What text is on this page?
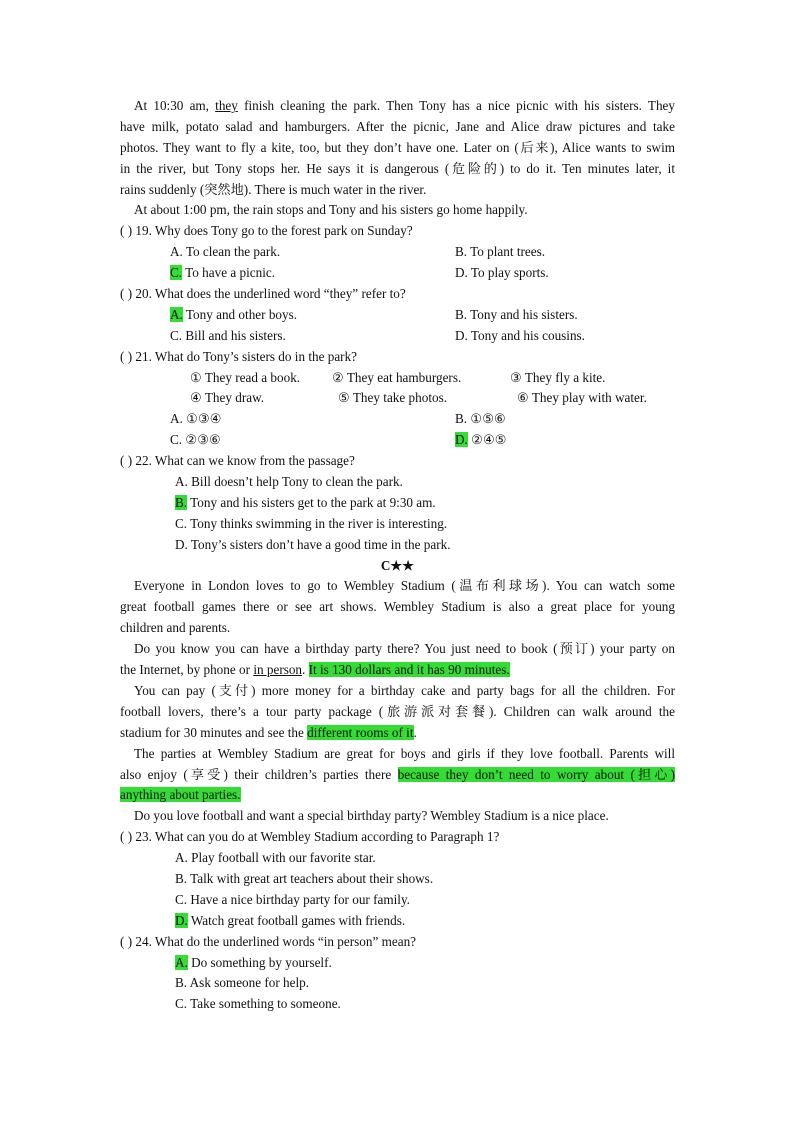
At 10:30 am, they finish cleaning the park. Then Tony has a nice picnic with his sisters. They
have milk, potato salad and hamburgers. After the picnic, Jane and Alice draw pictures and take
photos. They want to fly a kite, too, but they don’t have one. Later on (后来), Alice wants to swim
in the river, but Tony stops her. He says it is dangerous (危险的) to do it. Ten minutes later, it
rains suddenly (突然地). There is much water in the river.
At about 1:00 pm, the rain stops and Tony and his sisters go home happily.
( ) 19. Why does Tony go to the forest park on Sunday?
A. To clean the park.	B. To plant trees.
C. To have a picnic.	D. To play sports.
( ) 20. What does the underlined word “they” refer to?
A. Tony and other boys.	B. Tony and his sisters.
C. Bill and his sisters.	D. Tony and his cousins.
( ) 21. What do Tony’s sisters do in the park?
① They read a book. ② They eat hamburgers.	③ They fly a kite.
④ They draw.	⑤ They take photos.	⑥ They play with water.
A. ①③④	B. ①⑤⑥
C. ②③⑥	D. ②④⑤
( ) 22. What can we know from the passage?
A. Bill doesn’t help Tony to clean the park.
B. Tony and his sisters get to the park at 9:30 am.
C. Tony thinks swimming in the river is interesting.
D. Tony’s sisters don’t have a good time in the park.
C★★
Everyone in London loves to go to Wembley Stadium (温布利球场). You can watch some
great football games there or see art shows. Wembley Stadium is also a great place for young
children and parents.
Do you know you can have a birthday party there? You just need to book (预订) your party on
the Internet, by phone or in person. It is 130 dollars and it has 90 minutes.
You can pay (支付) more money for a birthday cake and party bags for all the children. For
football lovers, there’s a tour party package (旅游派对套餐). Children can walk around the
stadium for 30 minutes and see the different rooms of it.
The parties at Wembley Stadium are great for boys and girls if they love football. Parents will
also enjoy (享受) their children’s parties there because they don’t need to worry about (担心)
anything about parties.
Do you love football and want a special birthday party? Wembley Stadium is a nice place.
( ) 23. What can you do at Wembley Stadium according to Paragraph 1?
A. Play football with our favorite star.
B. Talk with great art teachers about their shows.
C. Have a nice birthday party for our family.
D. Watch great football games with friends.
( ) 24. What do the underlined words “in person” mean?
A. Do something by yourself.
B. Ask someone for help.
C. Take something to someone.
